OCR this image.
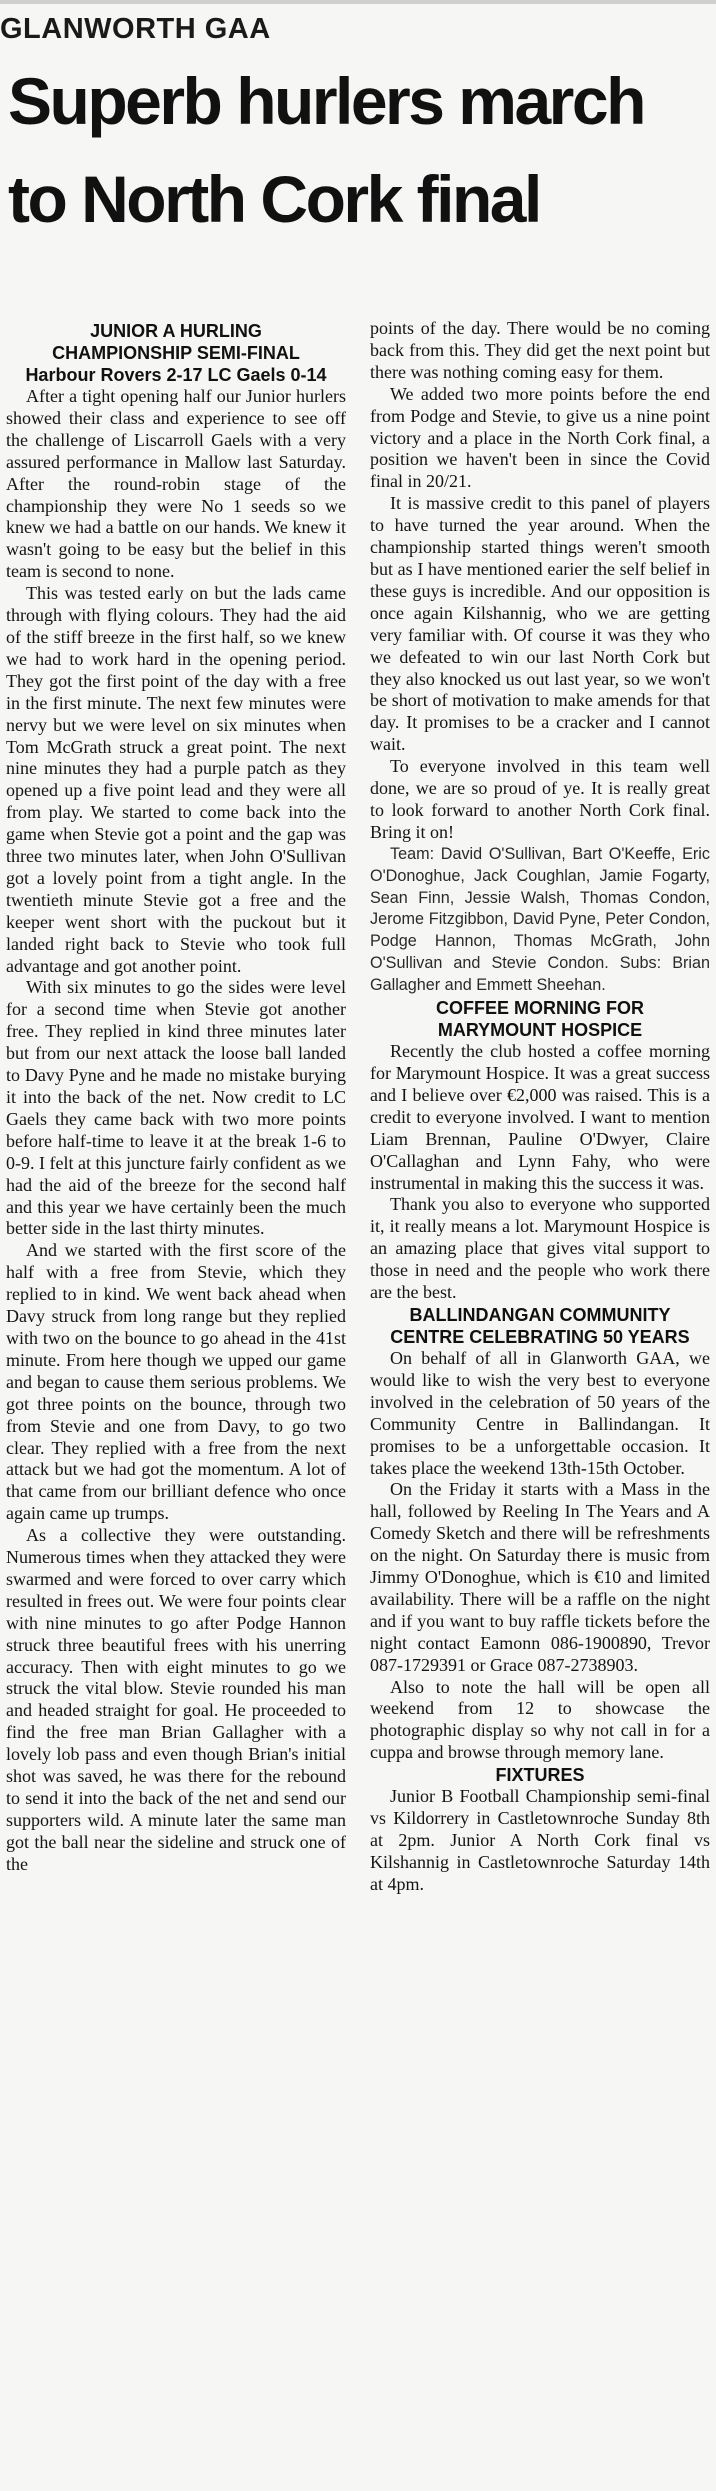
GLANWORTH GAA
Superb hurlers march
to North Cork final
JUNIOR A HURLING
CHAMPIONSHIP SEMI-FINAL
Harbour Rovers 2-17 LC Gaels 0-14

After a tight opening half our Junior hurlers showed their class and experience to see off the challenge of Liscarroll Gaels with a very assured performance in Mallow last Saturday. After the round-robin stage of the championship they were No 1 seeds so we knew we had a battle on our hands. We knew it wasn't going to be easy but the belief in this team is second to none.

This was tested early on but the lads came through with flying colours. They had the aid of the stiff breeze in the first half, so we knew we had to work hard in the opening period. They got the first point of the day with a free in the first minute. The next few minutes were nervy but we were level on six minutes when Tom McGrath struck a great point. The next nine minutes they had a purple patch as they opened up a five point lead and they were all from play. We started to come back into the game when Stevie got a point and the gap was three two minutes later, when John O'Sullivan got a lovely point from a tight angle. In the twentieth minute Stevie got a free and the keeper went short with the puckout but it landed right back to Stevie who took full advantage and got another point.

With six minutes to go the sides were level for a second time when Stevie got another free. They replied in kind three minutes later but from our next attack the loose ball landed to Davy Pyne and he made no mistake burying it into the back of the net. Now credit to LC Gaels they came back with two more points before half-time to leave it at the break 1-6 to 0-9. I felt at this juncture fairly confident as we had the aid of the breeze for the second half and this year we have certainly been the much better side in the last thirty minutes.

And we started with the first score of the half with a free from Stevie, which they replied to in kind. We went back ahead when Davy struck from long range but they replied with two on the bounce to go ahead in the 41st minute. From here though we upped our game and began to cause them serious problems. We got three points on the bounce, through two from Stevie and one from Davy, to go two clear. They replied with a free from the next attack but we had got the momentum. A lot of that came from our brilliant defence who once again came up trumps.

As a collective they were outstanding. Numerous times when they attacked they were swarmed and were forced to over carry which resulted in frees out. We were four points clear with nine minutes to go after Podge Hannon struck three beautiful frees with his unerring accuracy. Then with eight minutes to go we struck the vital blow. Stevie rounded his man and headed straight for goal. He proceeded to find the free man Brian Gallagher with a lovely lob pass and even though Brian's initial shot was saved, he was there for the rebound to send it into the back of the net and send our supporters wild. A minute later the same man got the ball near the sideline and struck one of the

points of the day. There would be no coming back from this. They did get the next point but there was nothing coming easy for them.

We added two more points before the end from Podge and Stevie, to give us a nine point victory and a place in the North Cork final, a position we haven't been in since the Covid final in 20/21.

It is massive credit to this panel of players to have turned the year around. When the championship started things weren't smooth but as I have mentioned earier the self belief in these guys is incredible. And our opposition is once again Kilshannig, who we are getting very familiar with. Of course it was they who we defeated to win our last North Cork but they also knocked us out last year, so we won't be short of motivation to make amends for that day. It promises to be a cracker and I cannot wait.

To everyone involved in this team well done, we are so proud of ye. It is really great to look forward to another North Cork final. Bring it on!

Team: David O'Sullivan, Bart O'Keeffe, Eric O'Donoghue, Jack Coughlan, Jamie Fogarty, Sean Finn, Jessie Walsh, Thomas Condon, Jerome Fitzgibbon, David Pyne, Peter Condon, Podge Hannon, Thomas McGrath, John O'Sullivan and Stevie Condon. Subs: Brian Gallagher and Emmett Sheehan.

COFFEE MORNING FOR
MARYMOUNT HOSPICE

Recently the club hosted a coffee morning for Marymount Hospice. It was a great success and I believe over €2,000 was raised. This is a credit to everyone involved. I want to mention Liam Brennan, Pauline O'Dwyer, Claire O'Callaghan and Lynn Fahy, who were instrumental in making this the success it was.

Thank you also to everyone who supported it, it really means a lot. Marymount Hospice is an amazing place that gives vital support to those in need and the people who work there are the best.

BALLINDANGAN COMMUNITY
CENTRE CELEBRATING 50 YEARS

On behalf of all in Glanworth GAA, we would like to wish the very best to everyone involved in the celebration of 50 years of the Community Centre in Ballindangan. It promises to be a unforgettable occasion. It takes place the weekend 13th-15th October.

On the Friday it starts with a Mass in the hall, followed by Reeling In The Years and A Comedy Sketch and there will be refreshments on the night. On Saturday there is music from Jimmy O'Donoghue, which is €10 and limited availability. There will be a raffle on the night and if you want to buy raffle tickets before the night contact Eamonn 086-1900890, Trevor 087-1729391 or Grace 087-2738903.

Also to note the hall will be open all weekend from 12 to showcase the photographic display so why not call in for a cuppa and browse through memory lane.

FIXTURES

Junior B Football Championship semi-final vs Kildorrery in Castletownroche Sunday 8th at 2pm. Junior A North Cork final vs Kilshannig in Castletownroche Saturday 14th at 4pm.
